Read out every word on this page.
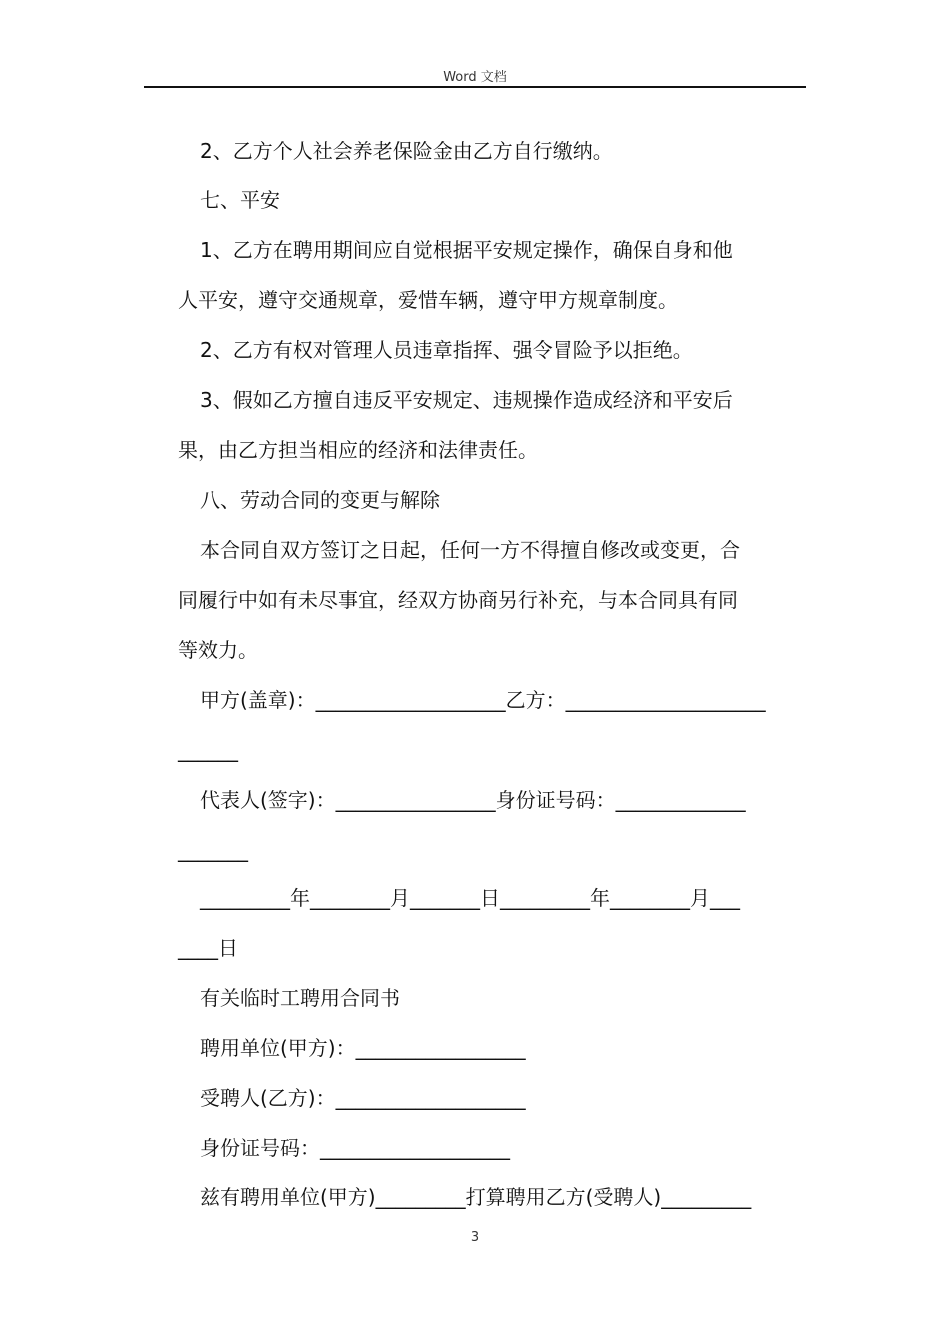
Word 文档
2、乙方个人社会养老保险金由乙方自行缴纳。
七、平安
1、乙方在聘用期间应自觉根据平安规定操作，确保自身和他
人平安，遵守交通规章，爱惜车辆，遵守甲方规章制度。
2、乙方有权对管理人员违章指挥、强令冒险予以拒绝。
3、假如乙方擅自违反平安规定、违规操作造成经济和平安后
果，由乙方担当相应的经济和法律责任。
八、劳动合同的变更与解除
本合同自双方签订之日起，任何一方不得擅自修改或变更，合
同履行中如有未尽事宜，经双方协商另行补充，与本合同具有同
等效力。
甲方(盖章)：___________________乙方：____________________
______
代表人(签字)：________________身份证号码：_____________
_______
_________年________月_______日_________年________月___
____日
有关临时工聘用合同书
聘用单位(甲方)：_________________
受聘人(乙方)：___________________
身份证号码：___________________
兹有聘用单位(甲方)_________打算聘用乙方(受聘人)_________
3
